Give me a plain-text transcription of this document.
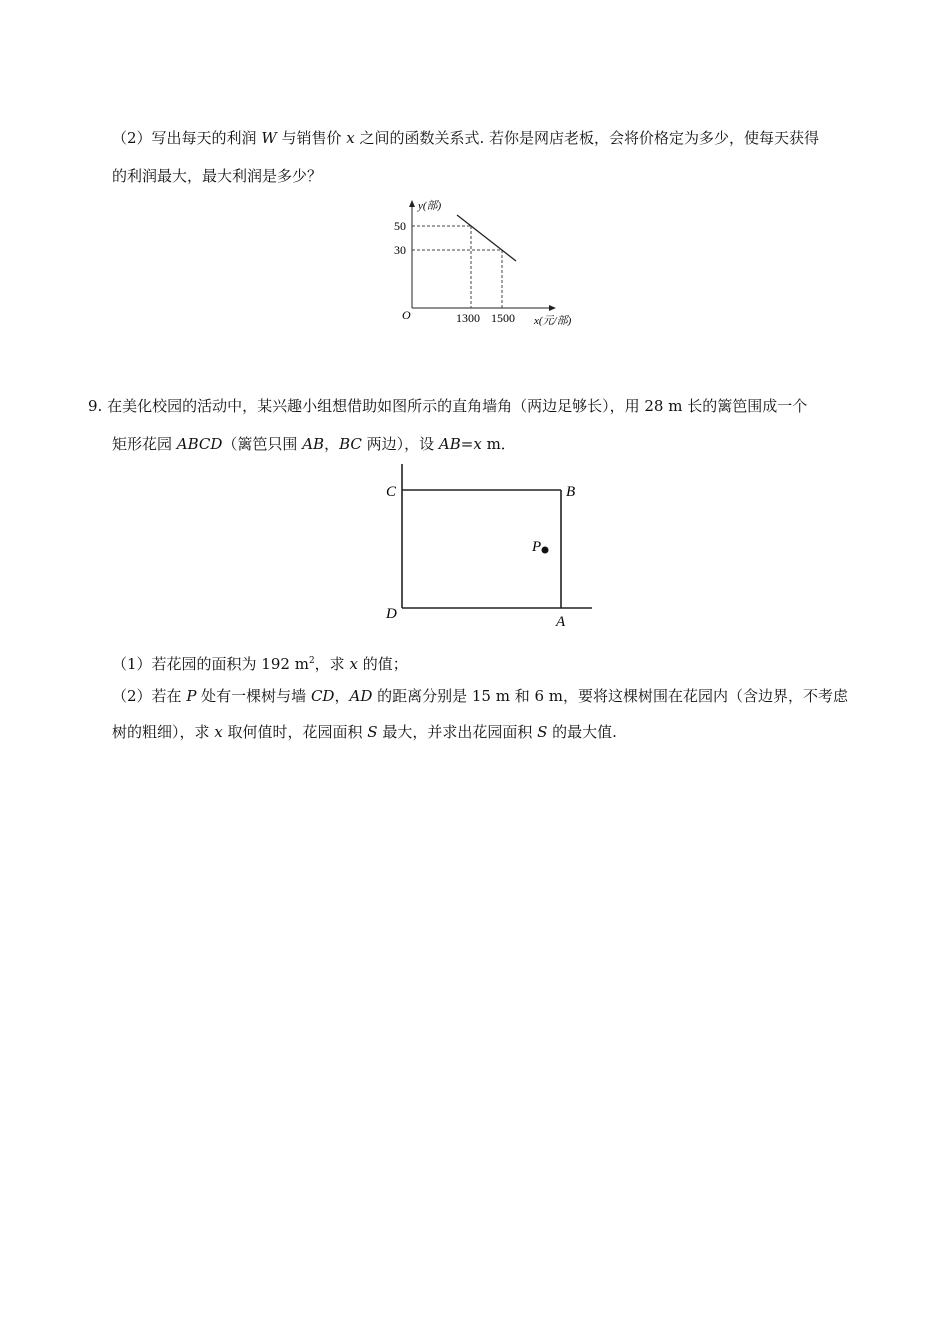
（2）写出每天的利润 W 与销售价 x 之间的函数关系式. 若你是网店老板，会将价格定为多少，使每天获得
的利润最大，最大利润是多少？
y(部)
50
30
O	1300 1500 x(元/部)
9. 在美化校园的活动中，某兴趣小组想借助如图所示的直角墙角（两边足够长），用 28 m 长的篱笆围成一个
矩形花园 ABCD（篱笆只围 AB，BC 两边），设 AB=x m．
C	B
D	A
P
（1）若花园的面积为 192 $m^2$，求 x 的值；
（2）若在 P 处有一棵树与墙 CD，AD 的距离分别是 15 m 和 6 m，要将这棵树围在花园内（含边界，不考虑
树的粗细），求 x 取何值时，花园面积 S 最大，并求出花园面积 S 的最大值.
